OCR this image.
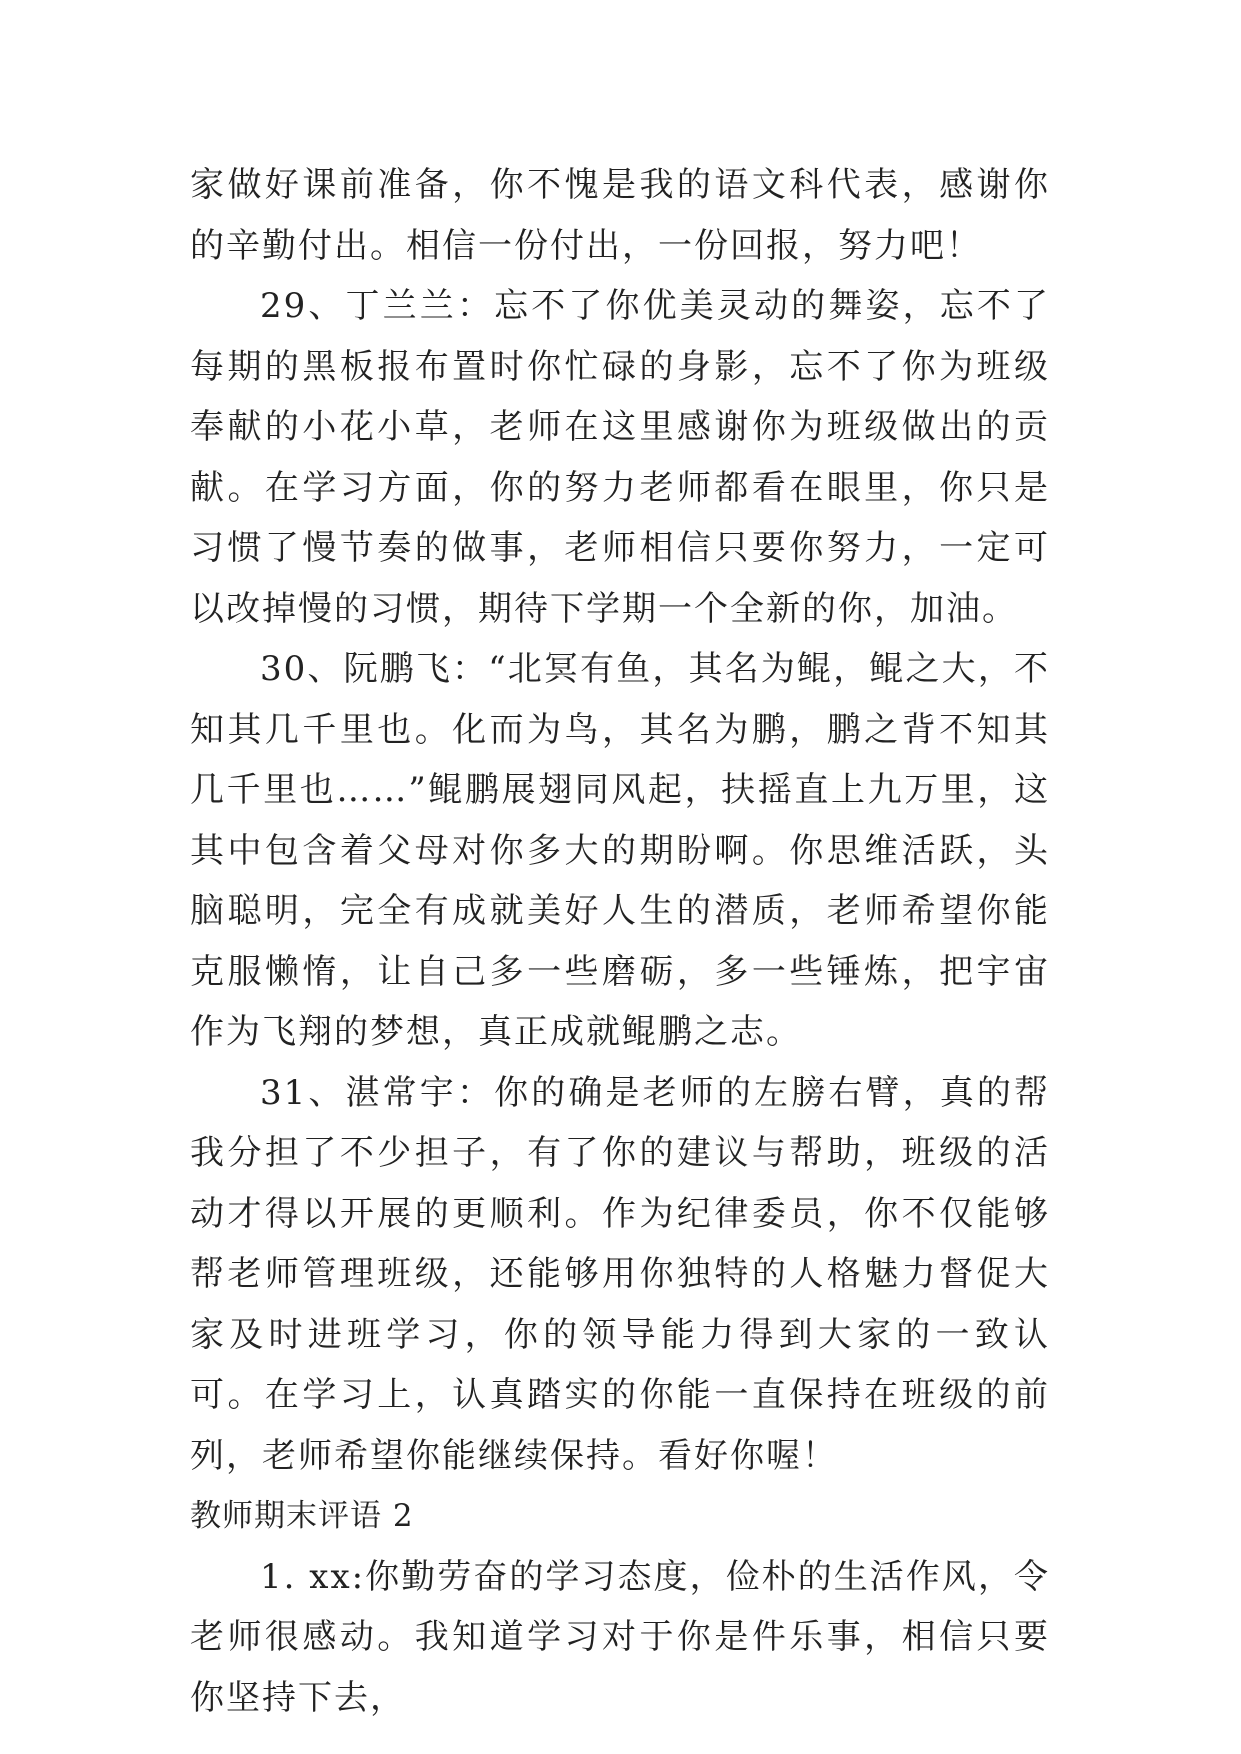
家做好课前准备，你不愧是我的语文科代表，感谢你的辛勤付出。相信一份付出，一份回报，努力吧！

29、丁兰兰：忘不了你优美灵动的舞姿，忘不了每期的黑板报布置时你忙碌的身影，忘不了你为班级奉献的小花小草，老师在这里感谢你为班级做出的贡献。在学习方面，你的努力老师都看在眼里，你只是习惯了慢节奏的做事，老师相信只要你努力，一定可以改掉慢的习惯，期待下学期一个全新的你，加油。

30、阮鹏飞：“北冥有鱼，其名为鲲，鲲之大，不知其几千里也。化而为鸟，其名为鹏，鹏之背不知其几千里也……”鲲鹏展翅同风起，扶摇直上九万里，这其中包含着父母对你多大的期盼啊。你思维活跃，头脑聪明，完全有成就美好人生的潜质，老师希望你能克服懒惰，让自己多一些磨砺，多一些锤炼，把宇宙作为飞翔的梦想，真正成就鲲鹏之志。

31、湛常宇：你的确是老师的左膀右臂，真的帮我分担了不少担子，有了你的建议与帮助，班级的活动才得以开展的更顺利。作为纪律委员，你不仅能够帮老师管理班级，还能够用你独特的人格魅力督促大家及时进班学习，你的领导能力得到大家的一致认可。在学习上，认真踏实的你能一直保持在班级的前列，老师希望你能继续保持。看好你喔！

教师期末评语 2

1. xx:你勤劳奋的学习态度，俭朴的生活作风，令老师很感动。我知道学习对于你是件乐事，相信只要你坚持下去，
